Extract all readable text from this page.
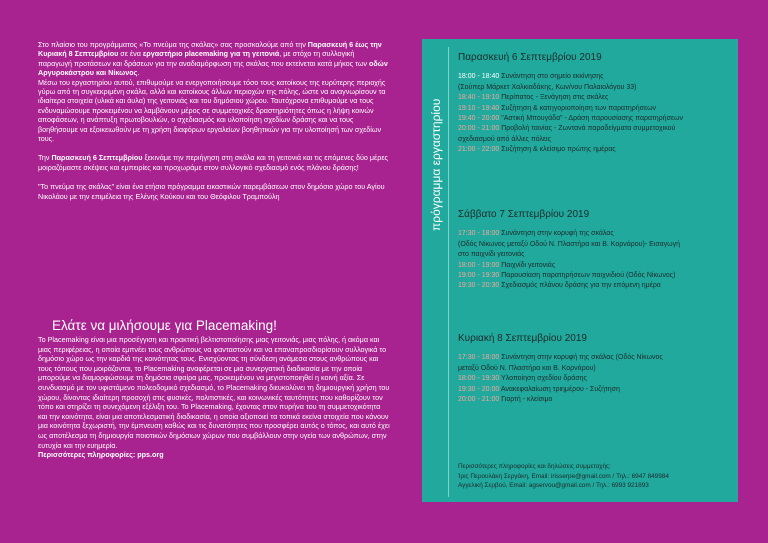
Στο πλαίσιο του προγράμματος «Το πνεύμα της σκάλας» σας προσκαλούμε από την Παρασκευή 6 έως την Κυριακή 8 Σεπτεμβρίου σε ένα εργαστήριο placemaking για τη γειτονιά, με στόχο τη συλλογική παραγωγή προτάσεων και δράσεων για την αναδιαμόρφωση της σκάλας που εκτείνεται κατά μήκος των οδών Αργυροκάστρου και Νίκωνος.
Μέσω του εργαστηρίου αυτού, επιθυμούμε να ενεργοποιήσουμε τόσο τους κατοίκους της ευρύτερης περιοχής γύρω από τη συγκεκριμένη σκάλα, αλλά και κατοίκους άλλων περιοχών της πόλης, ώστε να αναγνωρίσουν τα ιδιαίτερα στοιχεία (υλικά και άυλα) της γειτονιάς και του δημόσιου χώρου. Ταυτόχρονα επιθυμούμε να τους ενδυναμώσουμε προκειμένου να λαμβάνουν μέρος σε συμμετοχικές δραστηριότητες όπως η λήψη κοινών αποφάσεων, η ανάπτυξη πρωτοβουλιών, ο σχεδιασμός και υλοποίηση σχεδίων δράσης και να τους βοηθήσουμε να εξοικειωθούν με τη χρήση διαφόρων εργαλείων βοηθητικών για την υλοποίησή των σχεδίων τους.

Την Παρασκευή 6 Σεπτεμβρίου ξεκινάμε την περιήγηση στη σκάλα και τη γειτονιά και τις επόμενες δύο μέρες μοιραζόμαστε σκέψεις και εμπειρίες και προχωράμε στον συλλογικό σχεδιασμό ενός πλάνου δράσης!

"Το πνεύμα της σκάλας" είναι ένα ετήσιο πρόγραμμα εικαστικών παρεμβάσεων στον δημόσιο χώρο του Αγίου Νικολάου με την επιμέλεια της Ελένης Κούκου και του Θεόφιλου Τραμπούλη

Ελάτε να μιλήσουμε για Placemaking!
To Placemaking είναι μια προσέγγιση και πρακτική βελτιστοποίησης μιας γειτονιάς, μιας πόλης, ή ακόμα και μιας περιφέρειας, η οποία εμπνέει τους ανθρώπους να φανταστούν και να επαναπροσδιορίσουν συλλογικά το δημόσιο χώρο ως την καρδιά της κοινότητας τους. Ενισχύοντας τη σύνδεση ανάμεσα στους ανθρώπους και τους τόπους που μοιράζονται, το Placemaking αναφέρεται σε μια συνεργατική διαδικασία με την οποία μπορούμε να διαμορφώσουμε τη δημόσια σφαίρα μας, προκειμένου να μεγιστοποιηθεί η κοινή αξία. Σε συνδυασμό με τον υφιστάμενο πολεοδομικό σχεδιασμό, το Placemaking διευκολύνει τη δημιουργική χρήση του χώρου, δίνοντας ιδιαίτερη προσοχή στις φυσικές, πολιτιστικές, και κοινωνικές ταυτότητες που καθορίζουν τον τόπο και στηρίζει τη συνεχόμενη εξέλιξη του. To Placemaking, έχοντας στον πυρήνα του τη συμμετοχικότητα και την κοινότητα, είναι μια αποτελεσματική διαδικασία, η οποία αξιοποιεί τα τοπικά εκείνα στοιχεία που κάνουν μια κοινότητα ξεχωριστή, την έμπνευση καθώς και τις δυνατότητες που προσφέρει αυτός ο τόπος, και αυτό έχει ως αποτέλεσμα τη δημιουργία ποιοτικών δημόσιων χώρων που συμβάλλουν στην υγεία των ανθρώπων, στην ευτυχία και την ευημερία.
Περισσότερες πληροφορίες: pps.org
πρόγραμμα εργαστηρίου
Παρασκευή 6 Σεπτεμβρίου 2019
18:00 - 18:40 Συνάντηση στο σημείο εκκίνησης
(Σούπερ Μάρκετ Χαλκιαδάκης, Κων/νου Παλαιολόγου 33)
18:40 - 19:10 Περίπατος - Ξενάγηση στις σκάλες
19:10 - 19:40 Συζήτηση & κατηγοριοποίηση των παρατηρήσεων
19:40 - 20:00 "Αστική Μπουγάδα" - Δράση παρουσίασης παρατηρήσεων
20:00 - 21:00 Προβολή ταινίας - Ζωντανά παραδείγματα συμμετοχικού
σχεδιασμού από άλλες πόλεις
21:00 - 22:00 Συζήτηση & κλείσιμο πρώτης ημέρας
Σάββατο 7 Σεπτεμβρίου 2019
17:30 - 18:00 Συνάντηση στην κορυφή της σκάλας
(Οδός Νίκωνος μεταξύ Οδού Ν. Πλαστήρα και Β. Κορνάρου)- Εισαγωγή
στο παιχνίδι γειτονιάς
18:00 - 19:00 Παιχνίδι γειτονιάς
19:00 - 19:30 Παρουσίαση παρατηρήσεων παιχνιδιού (Οδός Νίκωνος)
19:30 - 20:30 Σχεδιασμός πλάνου δράσης για την επόμενη ημέρα
Κυριακή 8 Σεπτεμβρίου 2019
17:30 - 18:00 Συνάντηση στην κορυφή της σκάλας (Οδός Νίκωνος
μεταξύ Οδού Ν. Πλαστήρα και Β. Κορνάρου)
18:00 - 19:30 Υλοποίηση σχεδίου δράσης
19:30 - 20:00 Ανακεφαλαίωση τριημέρου - Συζήτηση
20:00 - 21:00 Γιορτή - κλείσιμο
Περισσότερες πληροφορίες και δηλώσεις συμμετοχής:
Ίρις Περουλάκη Σεργάκη, Email: irisserpe@gmail.com / Τηλ.: 6947 849984
Αγγελική Σερβού, Email: agservou@gmail.com / Τηλ.: 6993 921893
